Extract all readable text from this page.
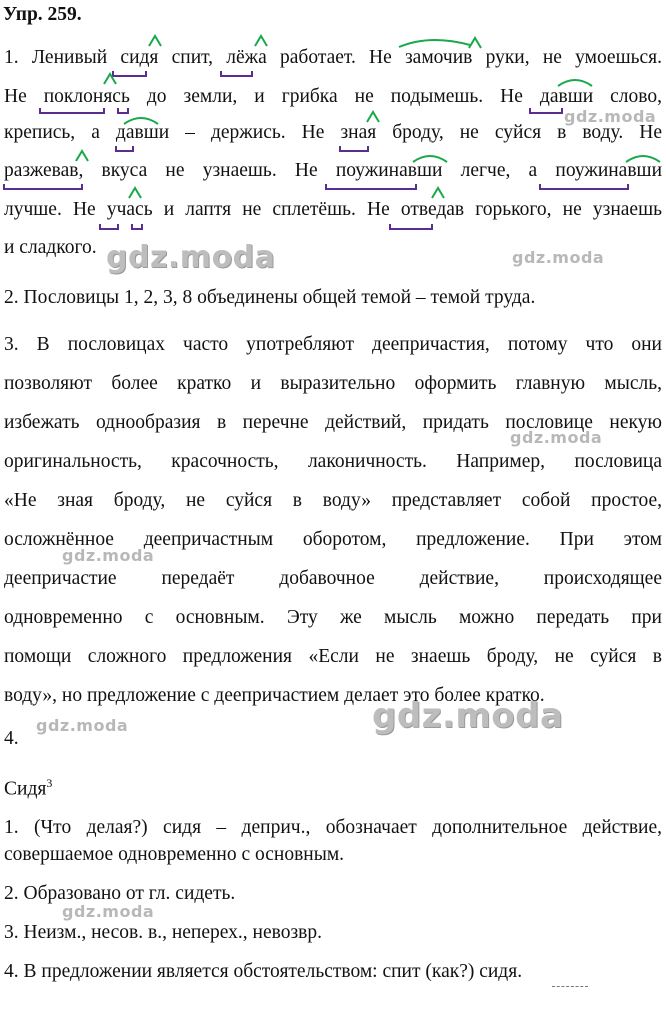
Упр. 259.
1. Ленивый сидя спит, лёжа работает. Не замочив руки, не умоешься.
Не поклонясь до земли, и грибка не подымешь. Не давши слово,
крепись, а давши – держись. Не зная броду, не суйся в воду. Не
разжевав, вкуса не узнаешь. Не поужинавши легче, а поужинавши
лучше. Не учась и лаптя не сплетёшь. Не отведав горького, не узнаешь
и сладкого.
gdz.moda
gdz.moda	gdz.moda
2. Пословицы 1, 2, 3, 8 объединены общей темой – темой труда.
3. В пословицах часто употребляют деепричастия, потому что они
позволяют более кратко и выразительно оформить главную мысль,
избежать однообразия в перечне действий, придать пословице некую
оригинальность, красочность, лаконичность. Например, пословица
«Не зная броду, не суйся в воду» представляет собой простое,
осложнённое деепричастным оборотом, предложение. При этом
деепричастие передаёт добавочное действие, происходящее
одновременно с основным. Эту же мысль можно передать при
помощи сложного предложения «Если не знаешь броду, не суйся в
воду», но предложение с деепричастием делает это более кратко.
gdz.moda
gdz.moda
4.
gdz.moda	gdz.moda
Сидя$^3$
1. (Что делая?) сидя – деприч., обозначает дополнительное действие,
совершаемое одновременно с основным.
2. Образовано от гл. сидеть.
3. Неизм., несов. в., неперех., невозвр.
4. В предложении является обстоятельством: спит (как?) сидя.
gdz.moda
